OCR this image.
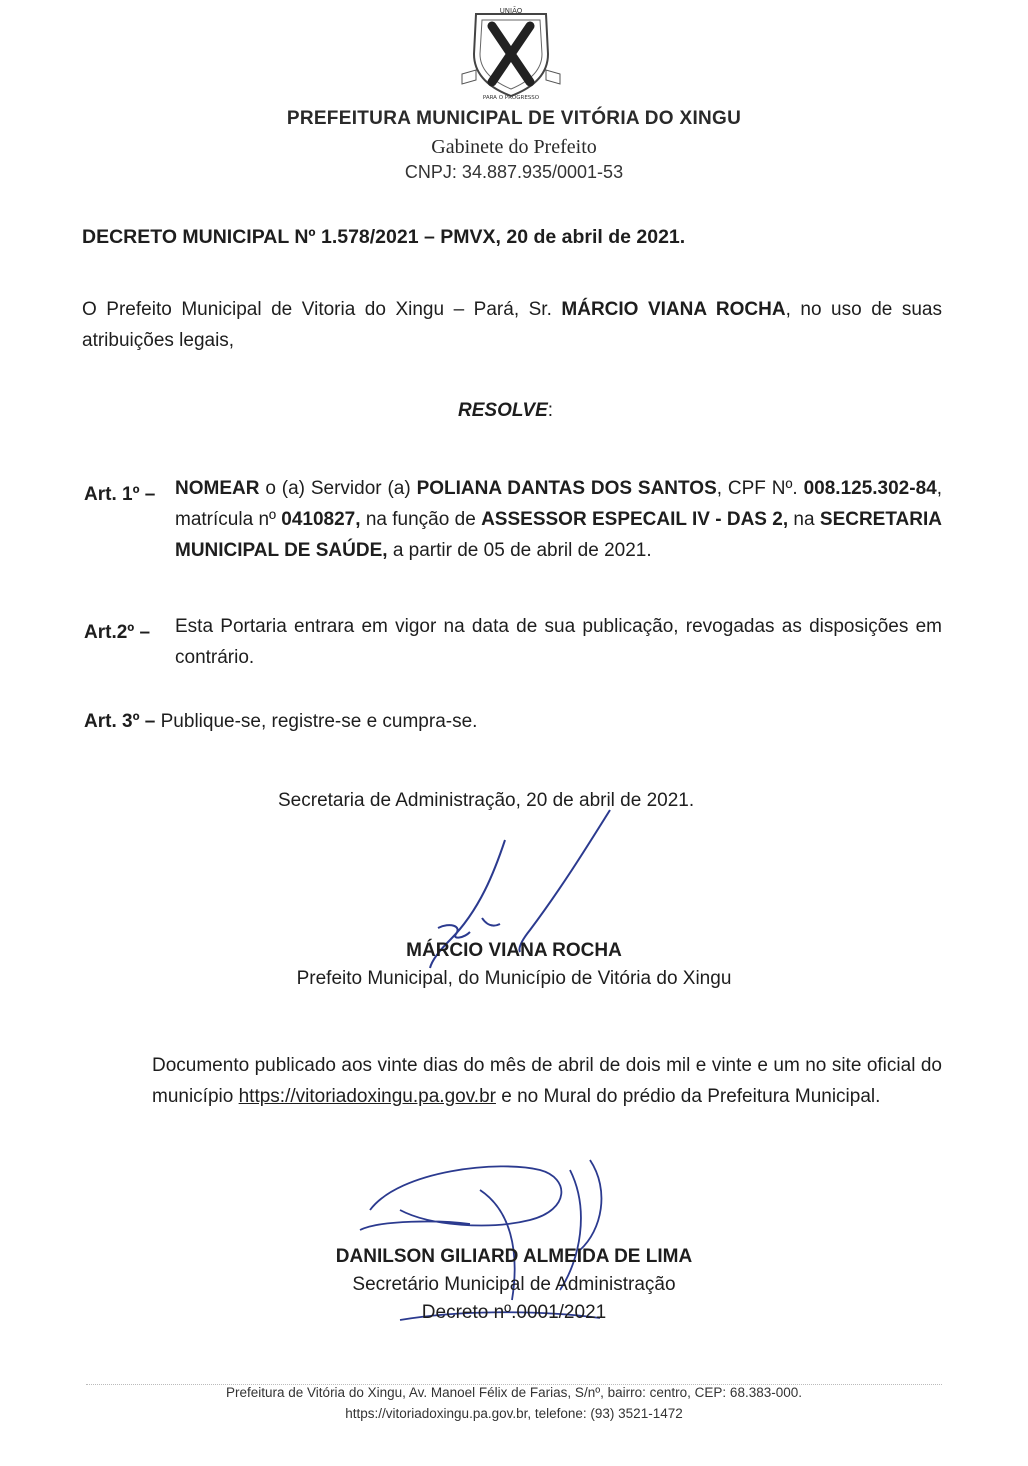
UNIÃO
PARA O PROGRESSO
PREFEITURA MUNICIPAL DE VITÓRIA DO XINGU
Gabinete do Prefeito
CNPJ: 34.887.935/0001-53
DECRETO MUNICIPAL Nº 1.578/2021 – PMVX, 20 de abril de 2021.
O Prefeito Municipal de Vitoria do Xingu – Pará, Sr. MÁRCIO VIANA ROCHA, no uso de suas atribuições legais,
RESOLVE:
Art. 1º – NOMEAR o (a) Servidor (a) POLIANA DANTAS DOS SANTOS, CPF Nº. 008.125.302-84, matrícula nº 0410827, na função de ASSESSOR ESPECAIL IV - DAS 2, na SECRETARIA MUNICIPAL DE SAÚDE, a partir de 05 de abril de 2021.
Art.2º – Esta Portaria entrara em vigor na data de sua publicação, revogadas as disposições em contrário.
Art. 3º – Publique-se, registre-se e cumpra-se.
Secretaria de Administração, 20 de abril de 2021.
MÁRCIO VIANA ROCHA
Prefeito Municipal, do Município de Vitória do Xingu
Documento publicado aos vinte dias do mês de abril de dois mil e vinte e um no site oficial do município https://vitoriadoxingu.pa.gov.br e no Mural do prédio da Prefeitura Municipal.
DANILSON GILIARD ALMEIDA DE LIMA
Secretário Municipal de Administração
Decreto nº.0001/2021
Prefeitura de Vitória do Xingu, Av. Manoel Félix de Farias, S/nº, bairro: centro, CEP: 68.383-000.
https://vitoriadoxingu.pa.gov.br, telefone: (93) 3521-1472
